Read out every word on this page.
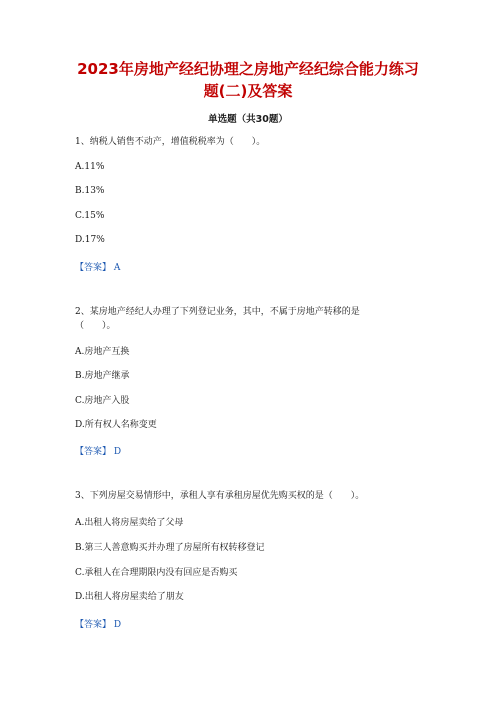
2023年房地产经纪协理之房地产经纪综合能力练习
题(二)及答案
单选题（共30题）
1、纳税人销售不动产，增值税税率为（　　）。
A.11%
B.13%
C.15%
D.17%
【答案】 A
2、某房地产经纪人办理了下列登记业务，其中，不属于房地产转移的是
（　　）。
A.房地产互换
B.房地产继承
C.房地产入股
D.所有权人名称变更
【答案】 D
3、下列房屋交易情形中，承租人享有承租房屋优先购买权的是（　　）。
A.出租人将房屋卖给了父母
B.第三人善意购买并办理了房屋所有权转移登记
C.承租人在合理期限内没有回应是否购买
D.出租人将房屋卖给了朋友
【答案】 D
